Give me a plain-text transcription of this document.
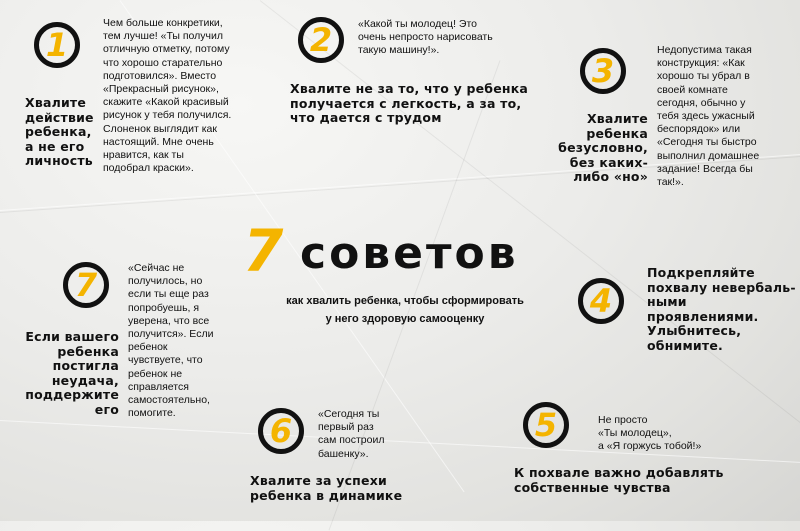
7 советов
как хвалить ребенка, чтобы сформировать
у него здоровую самооценку
1
Хвалите
действие
ребенка,
а не его
личность
Чем больше конкретики,
тем лучше! «Ты получил
отличную отметку, потому
что хорошо старательно
подготовился». Вместо
«Прекрасный рисунок»,
скажите «Какой красивый
рисунок у тебя получился.
Слоненок выглядит как
настоящий. Мне очень
нравится, как ты
подобрал краски».
2 «Какой ты молодец! Это
очень непросто нарисовать
такую машину!».
Хвалите не за то, что у ребенка
получается с легкость, а за то,
что дается с трудом
3
Хвалите
ребенка
безусловно,
без каких-
либо «но»
Недопустима такая
конструкция: «Как
хорошо ты убрал в
своей комнате
сегодня, обычно у
тебя здесь ужасный
беспорядок» или
«Сегодня ты быстро
выполнил домашнее
задание! Всегда бы
так!».
4
Подкрепляйте
похвалу невербаль-
ными проявлениями.
Улыбнитесь,
обнимите.
5	Не просто
«Ты молодец»,
а «Я горжусь тобой!»
К похвале важно добавлять
собственные чувства
6 «Сегодня ты
первый раз
сам построил
башенку».
Хвалите за успехи
ребенка в динамике
7
Если вашего
ребенка
постигла
неудача,
поддержите
его
«Сейчас не
получилось, но
если ты еще раз
попробуешь, я
уверена, что все
получится». Если
ребенок
чувствуете, что
ребенок не
справляется
самостоятельно,
помогите.
